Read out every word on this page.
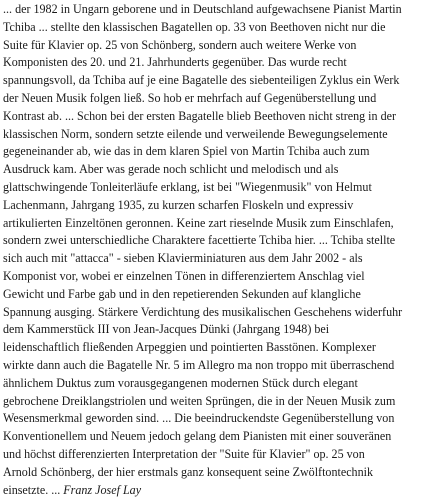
... der 1982 in Ungarn geborene und in Deutschland aufgewachsene Pianist Martin
Tchiba ... stellte den klassischen Bagatellen op. 33 von Beethoven nicht nur die
Suite für Klavier op. 25 von Schönberg, sondern auch weitere Werke von
Komponisten des 20. und 21. Jahrhunderts gegenüber. Das wurde recht
spannungsvoll, da Tchiba auf je eine Bagatelle des siebenteiligen Zyklus ein Werk
der Neuen Musik folgen ließ. So hob er mehrfach auf Gegenüberstellung und
Kontrast ab. ... Schon bei der ersten Bagatelle blieb Beethoven nicht streng in der
klassischen Norm, sondern setzte eilende und verweilende Bewegungselemente
gegeneinander ab, wie das in dem klaren Spiel von Martin Tchiba auch zum
Ausdruck kam. Aber was gerade noch schlicht und melodisch und als
glattschwingende Tonleiterläufe erklang, ist bei "Wiegenmusik" von Helmut
Lachenmann, Jahrgang 1935, zu kurzen scharfen Floskeln und expressiv
artikulierten Einzeltönen geronnen. Keine zart rieselnde Musik zum Einschlafen,
sondern zwei unterschiedliche Charaktere facettierte Tchiba hier. ... Tchiba stellte
sich auch mit "attacca" - sieben Klavierminiaturen aus dem Jahr 2002 - als
Komponist vor, wobei er einzelnen Tönen in differenziertem Anschlag viel
Gewicht und Farbe gab und in den repetierenden Sekunden auf klangliche
Spannung ausging. Stärkere Verdichtung des musikalischen Geschehens widerfuhr
dem Kammerstück III von Jean-Jacques Dünki (Jahrgang 1948) bei
leidenschaftlich fließenden Arpeggien und pointierten Basstönen. Komplexer
wirkte dann auch die Bagatelle Nr. 5 im Allegro ma non troppo mit überraschend
ähnlichem Duktus zum vorausgegangenen modernen Stück durch elegant
gebrochene Dreiklangstriolen und weiten Sprüngen, die in der Neuen Musik zum
Wesensmerkmal geworden sind. ... Die beeindruckendste Gegenüberstellung von
Konventionellem und Neuem jedoch gelang dem Pianisten mit einer souveränen
und höchst differenzierten Interpretation der "Suite für Klavier" op. 25 von
Arnold Schönberg, der hier erstmals ganz konsequent seine Zwölftontechnik
einsetzte. ... Franz Josef Lay
